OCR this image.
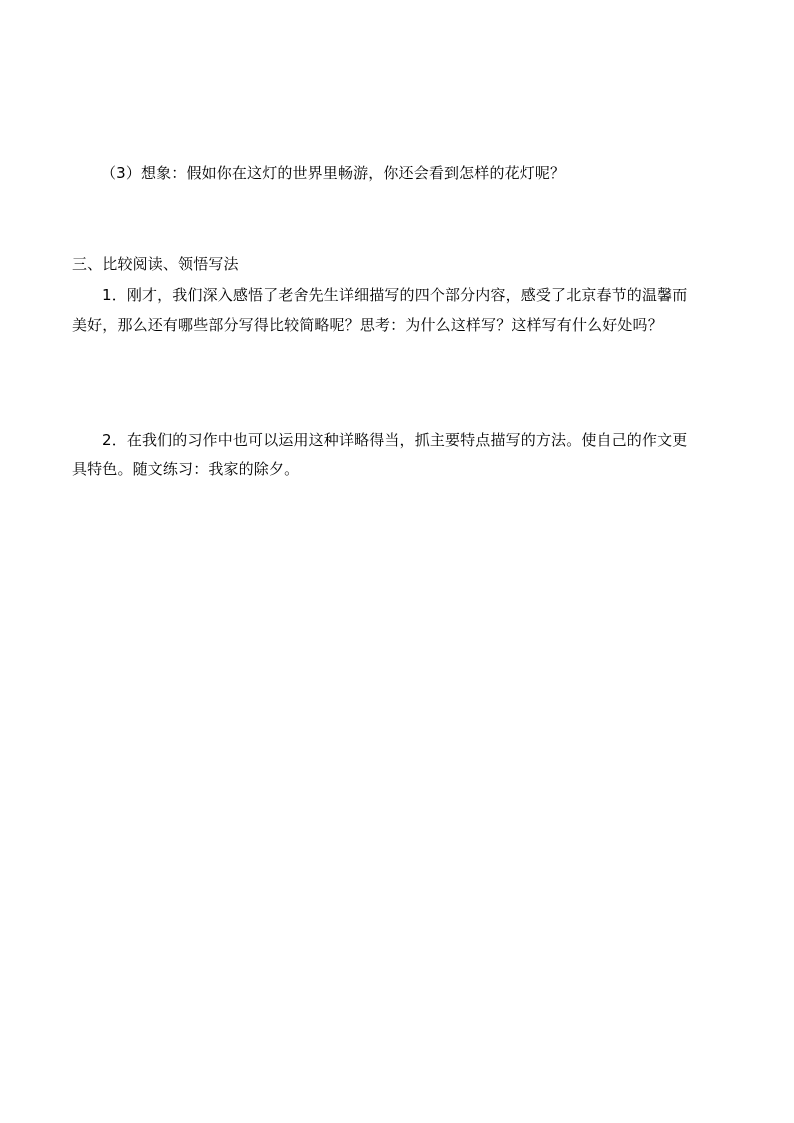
（3）想象：假如你在这灯的世界里畅游，你还会看到怎样的花灯呢？
三、比较阅读、领悟写法
1．刚才，我们深入感悟了老舍先生详细描写的四个部分内容，感受了北京春节的温馨而
美好，那么还有哪些部分写得比较简略呢？思考：为什么这样写？这样写有什么好处吗？
2．在我们的习作中也可以运用这种详略得当，抓主要特点描写的方法。使自己的作文更
具特色。随文练习：我家的除夕。
